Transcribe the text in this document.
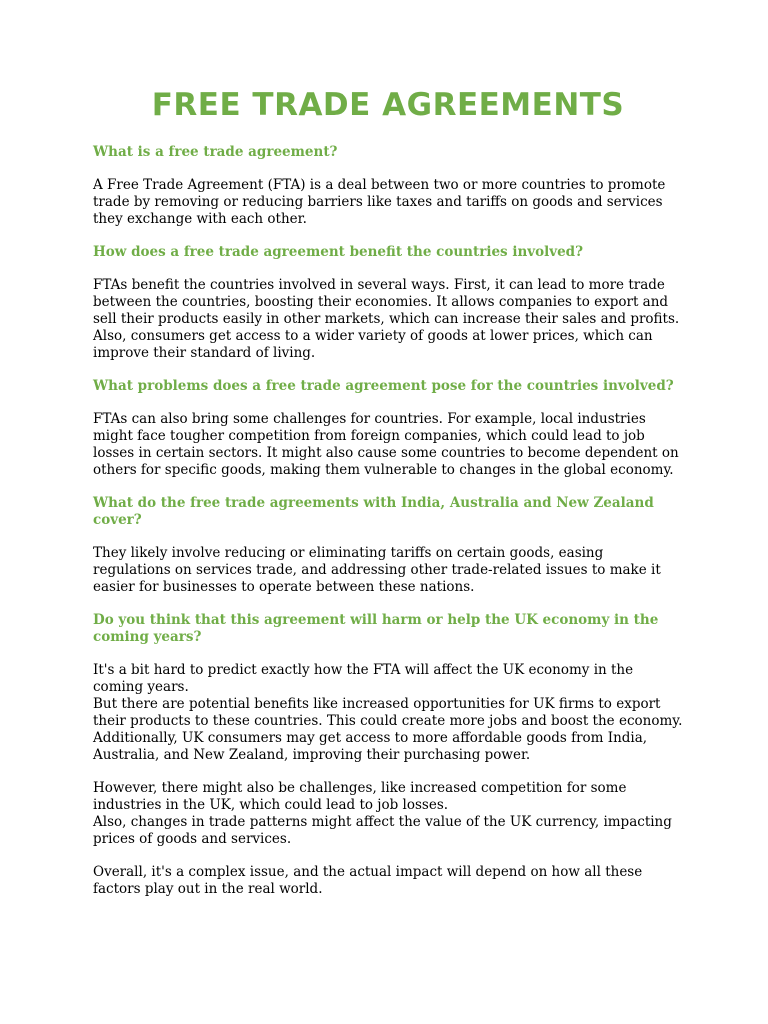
FREE TRADE AGREEMENTS
What is a free trade agreement?

A Free Trade Agreement (FTA) is a deal between two or more countries to promote trade by removing or reducing barriers like taxes and tariffs on goods and services they exchange with each other.

How does a free trade agreement benefit the countries involved?

FTAs benefit the countries involved in several ways. First, it can lead to more trade between the countries, boosting their economies. It allows companies to export and sell their products easily in other markets, which can increase their sales and profits. Also, consumers get access to a wider variety of goods at lower prices, which can improve their standard of living.

What problems does a free trade agreement pose for the countries involved?

FTAs can also bring some challenges for countries. For example, local industries might face tougher competition from foreign companies, which could lead to job losses in certain sectors. It might also cause some countries to become dependent on others for specific goods, making them vulnerable to changes in the global economy.

What do the free trade agreements with India, Australia and New Zealand cover?

They likely involve reducing or eliminating tariffs on certain goods, easing regulations on services trade, and addressing other trade-related issues to make it easier for businesses to operate between these nations.

Do you think that this agreement will harm or help the UK economy in the coming years?

It's a bit hard to predict exactly how the FTA will affect the UK economy in the coming years.
But there are potential benefits like increased opportunities for UK firms to export their products to these countries. This could create more jobs and boost the economy.
Additionally, UK consumers may get access to more affordable goods from India, Australia, and New Zealand, improving their purchasing power.

However, there might also be challenges, like increased competition for some industries in the UK, which could lead to job losses.
Also, changes in trade patterns might affect the value of the UK currency, impacting prices of goods and services.

Overall, it's a complex issue, and the actual impact will depend on how all these factors play out in the real world.
